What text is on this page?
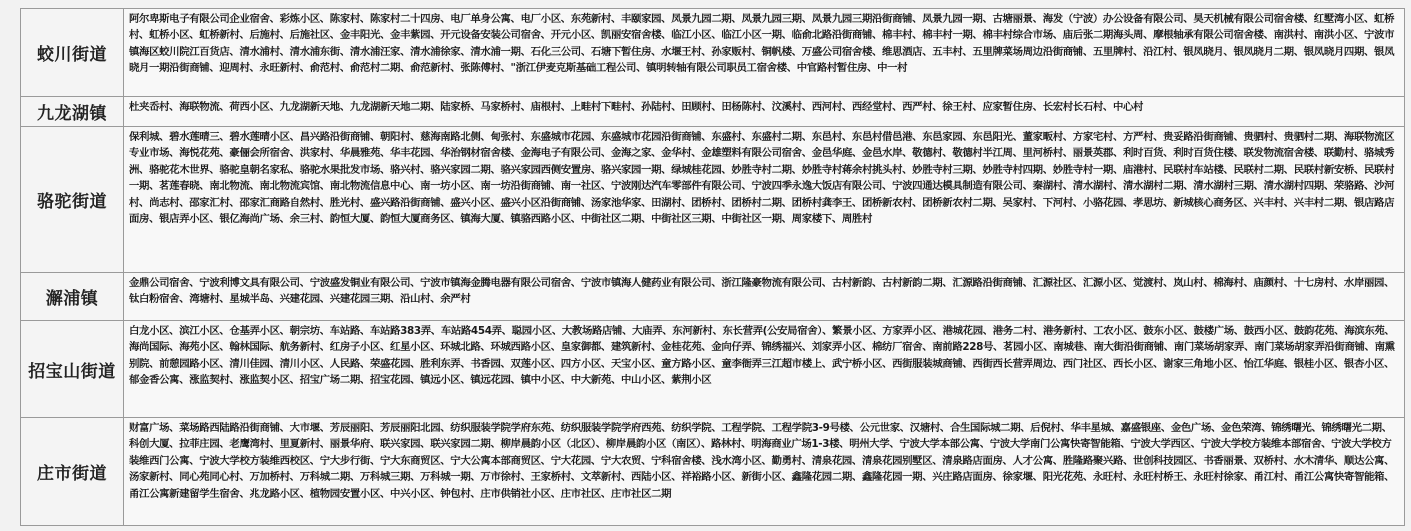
蛟川街道
阿尔卑斯电子有限公司企业宿舍、彩炼小区、陈家村、陈家村二十四房、电厂单身公寓、电厂小区、东苑新村、丰颐家园、凤景九园二期、凤景九园三期、凤景九园三期沿街商铺、凤景九园一期、古塘丽景、海发（宁波）办公设备有限公司、昊天机械有限公司宿舍楼、红墅湾小区、虹桥村、虹桥小区、虹桥新村、后施村、后施社区、金丰阳光、金丰紫园、开元设备安装公司宿舍、开元小区、凯丽安宿舍楼、临江小区、临江小区一期、临俞北路沿街商铺、棉丰村、棉丰村一期、棉丰村综合市场、庙后张二期海头周、摩根轴承有限公司宿舍楼、南洪村、南洪小区、宁波市镇海区蛟川院江百货店、清水浦村、清水浦东街、清水浦汪家、清水浦徐家、清水浦一期、石化三公司、石塘下暂住房、水堰王村、孙家贩村、铜帆楼、万盛公司宿舍楼、维思酒店、五丰村、五里牌菜场周边沿街商铺、五里牌村、沿江村、银凤晓月、银凤晓月二期、银凤晓月四期、银凤晓月一期沿街商铺、迎周村、永旺新村、俞范村、俞范村二期、俞范新村、张陈傅村、"浙江伊麦克斯基础工程公司、镇明转轴有限公司职员工宿舍楼、中官路村暂住房、中一村
九龙湖镇 杜夹岙村、海联物流、荷西小区、九龙湖新天地、九龙湖新天地二期、陆家桥、马家桥村、庙根村、上畦村下畦村、孙陆村、田顾村、田杨陈村、汶溪村、西河村、西经堂村、西严村、徐王村、应家暂住房、长宏村长石村、中心村
骆驼街道
保利城、碧水莲晴三、碧水莲晴小区、昌兴路沿街商铺、朝阳村、慈海南路北侧、甸张村、东盛城市花园、东盛城市花园沿街商铺、东盛村、东盛村二期、东邑村、东邑村借邑港、东邑家园、东邑阳光、董家畈村、方家宅村、方严村、贵妥路沿街商铺、贵驷村、贵驷村二期、海联物流区专业市场、海悦花苑、豪俪会所宿舍、洪家村、华晨雅苑、华丰花园、华治钢材宿舍楼、金海电子有限公司、金海之家、金华村、金雄塑料有限公司宿舍、金邑华庭、金邑水岸、敬德村、敬德村半江周、里河桥村、丽景英郡、利时百货、利时百货住楼、联发物流宿舍楼、联勤村、骆城秀洲、骆驼花木世界、骆驼皇朝名家私、骆驼水果批发市场、骆兴村、骆兴家园二期、骆兴家园西侧安置房、骆兴家园一期、绿城桂花园、妙胜寺村二期、妙胜寺村蒋余村挑头村、妙胜寺村三期、妙胜寺村四期、妙胜寺村一期、庙港村、民联村车站楼、民联村二期、民联村新安桥、民联村一期、茗莲春晓、南北物流、南北物流宾馆、南北物流信息中心、南一坊小区、南一坊沿街商铺、南一社区、宁波刚达汽车零部件有限公司、宁波四季永逸大饭店有限公司、宁波四通达模具制造有限公司、秦湖村、清水湖村、清水湖村二期、清水湖村三期、清水湖村四期、荣骆路、沙河村、尚志村、邵家汇村、邵家汇商路自然村、胜光村、盛兴路沿街商铺、盛兴小区、盛兴小区沿街商铺、汤家池华家、田湖村、团桥村、团桥村二期、团桥村龚李王、团桥新农村、团桥新农村二期、吴家村、下河村、小骆花园、孝思坊、新城核心商务区、兴丰村、兴丰村二期、银店路店面房、银店弄小区、银亿海尚广场、余三村、韵恒大厦、韵恒大厦商务区、镇海大厦、镇骆西路小区、中街社区二期、中街社区三期、中街社区一期、周家楼下、周胜村
澥浦镇
金鼎公司宿舍、宁波利博文具有限公司、宁波盛发铜业有限公司、宁波市镇海金腾电器有限公司宿舍、宁波市镇海人健药业有限公司、浙江隆豪物流有限公司、古村新韵、古村新韵二期、汇源路沿街商铺、汇源社区、汇源小区、觉渡村、岚山村、棉海村、庙颜村、十七房村、水岸丽园、钛白粉宿舍、湾塘村、星城半岛、兴建花园、兴建花园三期、沿山村、余严村
招宝山街道
白龙小区、滨江小区、仓基弄小区、朝宗坊、车站路、车站路383弄、车站路454弄、聪园小区、大教场路店铺、大庙弄、东河新村、东长营弄(公安局宿舍）、繁景小区、方家弄小区、港城花园、港务二村、港务新村、工农小区、鼓东小区、鼓楼广场、鼓西小区、鼓韵花苑、海滨东苑、海尚国际、海苑小区、翰林国际、航务新村、红房子小区、红星小区、环城北路、环城西路小区、皇家御都、建筑新村、金桂花苑、金向仔弄、锦绣福兴、刘家弄小区、棉纺厂宿舍、南前路228号、茗园小区、南城巷、南大街沿街商铺、南门菜场胡家弄、南门菜场胡家弄沿街商铺、南熏别院、前憩园路小区、清川佳园、清川小区、人民路、荣盛花园、胜利东弄、书香园、双莲小区、四方小区、天宝小区、童方路小区、童李衙弄三江超市楼上、武宁桥小区、西街服装城商铺、西街西长营弄周边、西门社区、西长小区、谢家三角地小区、怡江华庭、银桂小区、银杏小区、郁金香公寓、涨监契村、涨监契小区、招宝广场二期、招宝花园、镇远小区、镇远花园、镇中小区、中大新苑、中山小区、紫荆小区
庄市街道
财富广场、菜场路西陆路沿街商铺、大市堰、芳辰丽阳、芳辰丽阳北园、纺织服装学院学府东苑、纺织服装学院学府西苑、纺织学院、工程学院、工程学院3-9号楼、公元世家、汉塘村、合生国际城二期、后倪村、华丰星城、嘉盛银座、金色广场、金色荣湾、锦绣曙光、锦绣曙光二期、科创大厦、拉菲庄园、老鹰湾村、里夏新村、丽景华府、联兴家园、联兴家园二期、柳岸晨韵小区（北区）、柳岸晨韵小区（南区）、路林村、明海商业广场1-3楼、明州大学、宁波大学本部公寓、宁波大学南门公寓快寄智能箱、宁波大学西区、宁波大学校方装维本部宿舍、宁波大学校方装维西门公寓、宁波大学校方装维西校区、宁大步行街、宁大东商贸区、宁大公寓本部商贸区、宁大花园、宁大农贸、宁科宿舍楼、浅水湾小区、勤勇村、清泉花园、清泉花园别墅区、清泉路店面房、人才公寓、胜隆路聚兴路、世创科技园区、书香丽景、双桥村、水木清华、顺达公寓、汤家新村、同心苑同心村、万加桥村、万科城二期、万科城三期、万科城一期、万市徐村、王家桥村、文萃新村、西陆小区、祥裕路小区、新街小区、鑫隆花园二期、鑫隆花园一期、兴庄路店面房、徐家堰、阳光花苑、永旺村、永旺村桥王、永旺村徐家、甬江村、甬江公寓快寄智能箱、甬江公寓新建留学生宿舍、兆龙路小区、植物园安置小区、中兴小区、钟包村、庄市供销社小区、庄市社区、庄市社区二期
